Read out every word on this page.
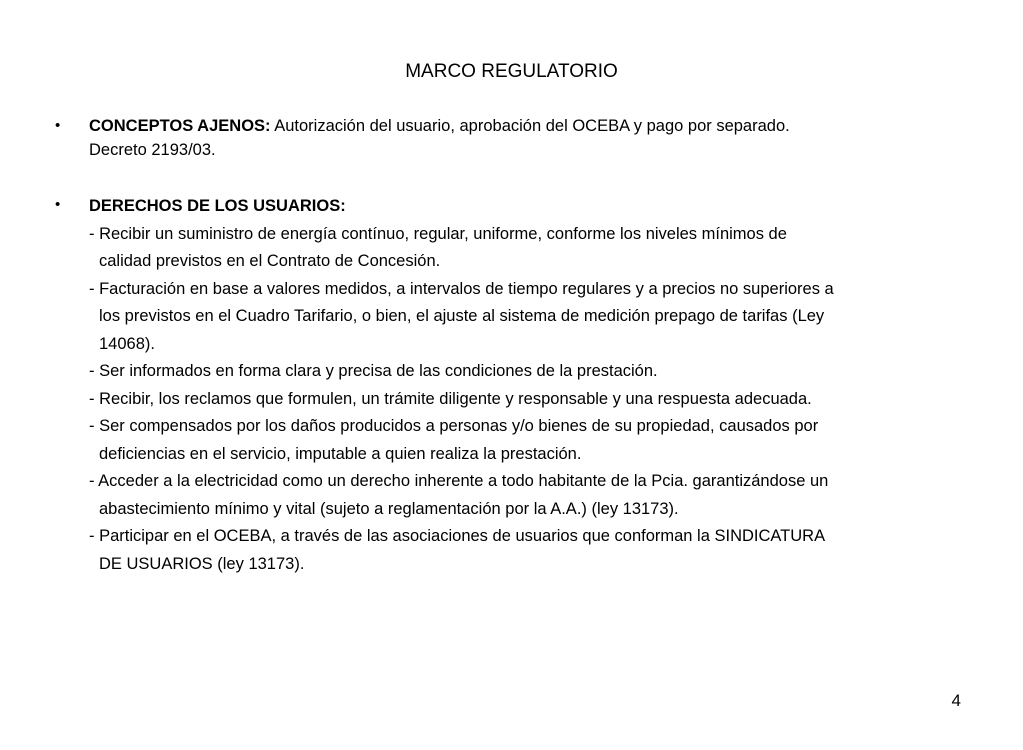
MARCO REGULATORIO
• CONCEPTOS AJENOS: Autorización del usuario, aprobación del OCEBA y pago por separado.
Decreto 2193/03.
• DERECHOS DE LOS USUARIOS:
- Recibir un suministro de energía contínuo, regular, uniforme, conforme los niveles mínimos de
calidad previstos en el Contrato de Concesión.
- Facturación en base a valores medidos, a intervalos de tiempo regulares y a precios no superiores a
los previstos en el Cuadro Tarifario, o bien, el ajuste al sistema de medición prepago de tarifas (Ley
14068).
- Ser informados en forma clara y precisa de las condiciones de la prestación.
- Recibir, los reclamos que formulen, un trámite diligente y responsable y una respuesta adecuada.
- Ser compensados por los daños producidos a personas y/o bienes de su propiedad, causados por
deficiencias en el servicio, imputable a quien realiza la prestación.
- Acceder a la electricidad como un derecho inherente a todo habitante de la Pcia. garantizándose un
abastecimiento mínimo y vital (sujeto a reglamentación por la A.A.) (ley 13173).
- Participar en el OCEBA, a través de las asociaciones de usuarios que conforman la SINDICATURA
DE USUARIOS (ley 13173).
4
